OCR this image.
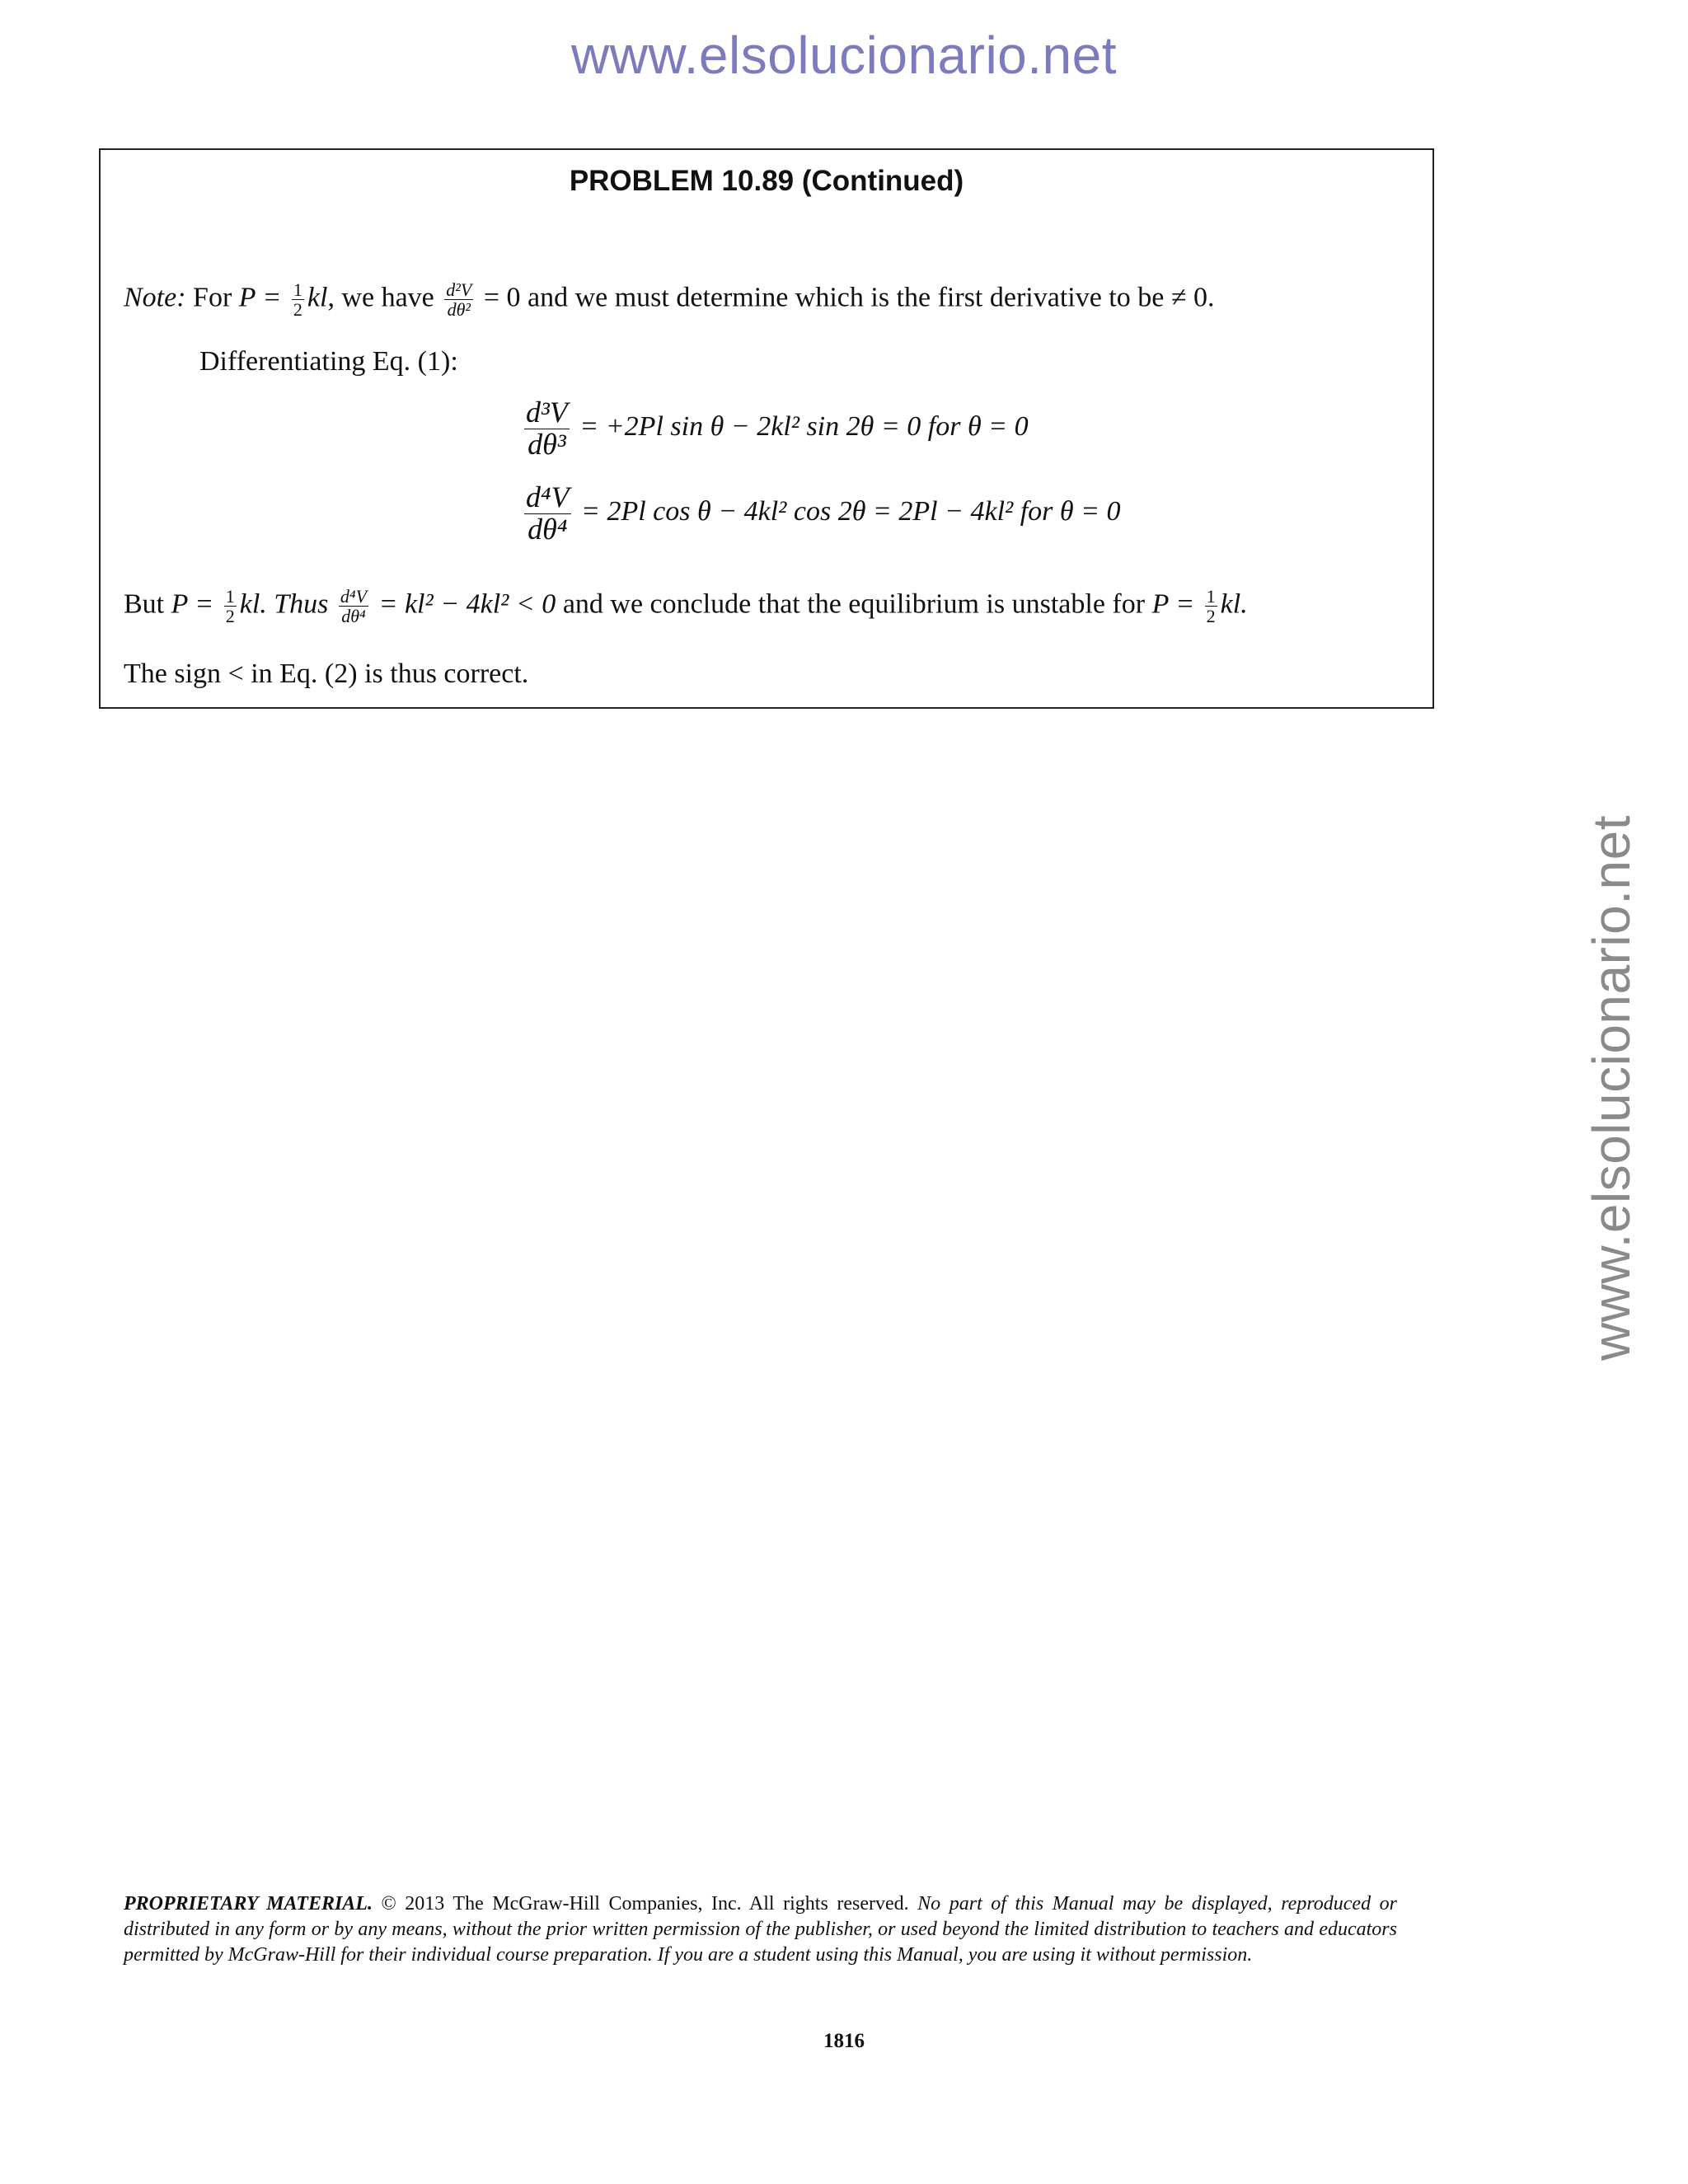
www.elsolucionario.net
www.elsolucionario.net
PROBLEM 10.89 (Continued)
Note: For $P = \frac{1}{2}$ kl, we have $\frac{\text{d²V}}{\text{dθ²}} = 0$ and we must determine which is the first derivative to be ≠ 0.
Differentiating Eq. (1):
$\frac{\text{d³V}}{\text{dθ³}} = +2Pl$ sin θ − 2kl² sin 2θ = 0 for θ = 0
$\frac{\text{d⁴V}}{\text{dθ⁴}} = 2Pl$ cos θ − 4kl² cos 2θ = 2Pl − 4kl² for θ = 0
But $P = \frac{1}{2}$ kl. Thus $\frac{\text{d⁴V}}{\text{dθ⁴}} = kl^2 - 4kl^2 < 0$ and we conclude that the equilibrium is unstable for $P = \frac{1}{2}$ kl.
The sign < in Eq. (2) is thus correct.
PROPRIETARY MATERIAL. © 2013 The McGraw-Hill Companies, Inc. All rights reserved. No part of this Manual may be displayed, reproduced or distributed in any form or by any means, without the prior written permission of the publisher, or used beyond the limited distribution to teachers and educators permitted by McGraw-Hill for their individual course preparation. If you are a student using this Manual, you are using it without permission.
1816
